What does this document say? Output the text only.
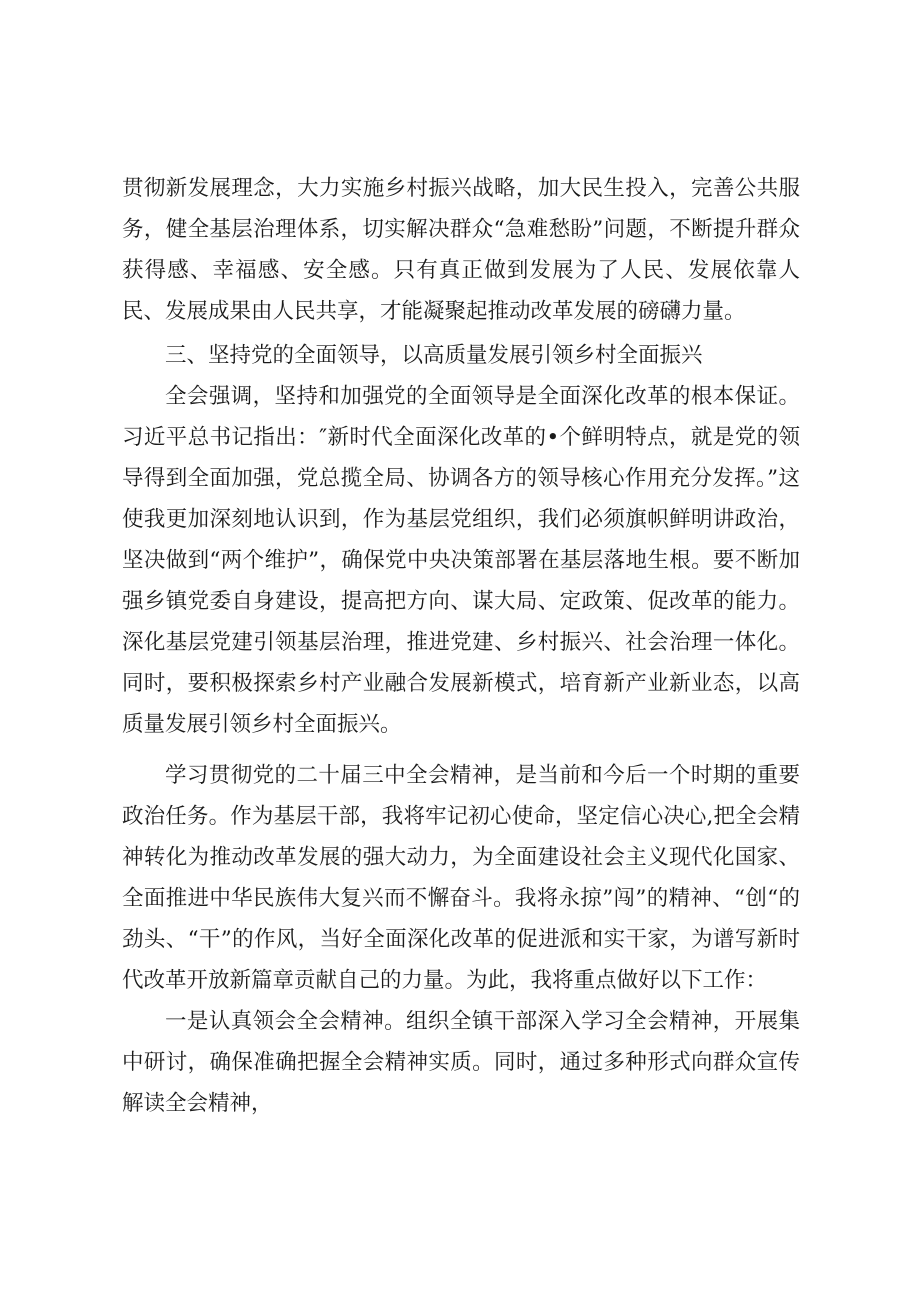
贯彻新发展理念，大力实施乡村振兴战略，加大民生投入，完善公共服务，健全基层治理体系，切实解决群众“急难愁盼”问题，不断提升群众获得感、幸福感、安全感。只有真正做到发展为了人民、发展依靠人民、发展成果由人民共享，才能凝聚起推动改革发展的磅礴力量。

三、坚持党的全面领导，以高质量发展引领乡村全面振兴

全会强调，坚持和加强党的全面领导是全面深化改革的根本保证。习近平总书记指出：″新时代全面深化改革的•个鲜明特点，就是党的领导得到全面加强，党总揽全局、协调各方的领导核心作用充分发挥。”这使我更加深刻地认识到，作为基层党组织，我们必须旗帜鲜明讲政治，坚决做到“两个维护”，确保党中央决策部署在基层落地生根。要不断加强乡镇党委自身建设，提高把方向、谋大局、定政策、促改革的能力。深化基层党建引领基层治理，推进党建、乡村振兴、社会治理一体化。同时，要积极探索乡村产业融合发展新模式，培育新产业新业态，以高质量发展引领乡村全面振兴。

学习贯彻党的二十届三中全会精神，是当前和今后一个时期的重要政治任务。作为基层干部，我将牢记初心使命，坚定信心决心,把全会精神转化为推动改革发展的强大动力，为全面建设社会主义现代化国家、全面推进中华民族伟大复兴而不懈奋斗。我将永掠”闯”的精神、“创“的劲头、“干”的作风，当好全面深化改革的促进派和实干家，为谱写新时代改革开放新篇章贡献自己的力量。为此，我将重点做好以下工作：

一是认真领会全会精神。组织全镇干部深入学习全会精神，开展集中研讨，确保准确把握全会精神实质。同时，通过多种形式向群众宣传解读全会精神，
